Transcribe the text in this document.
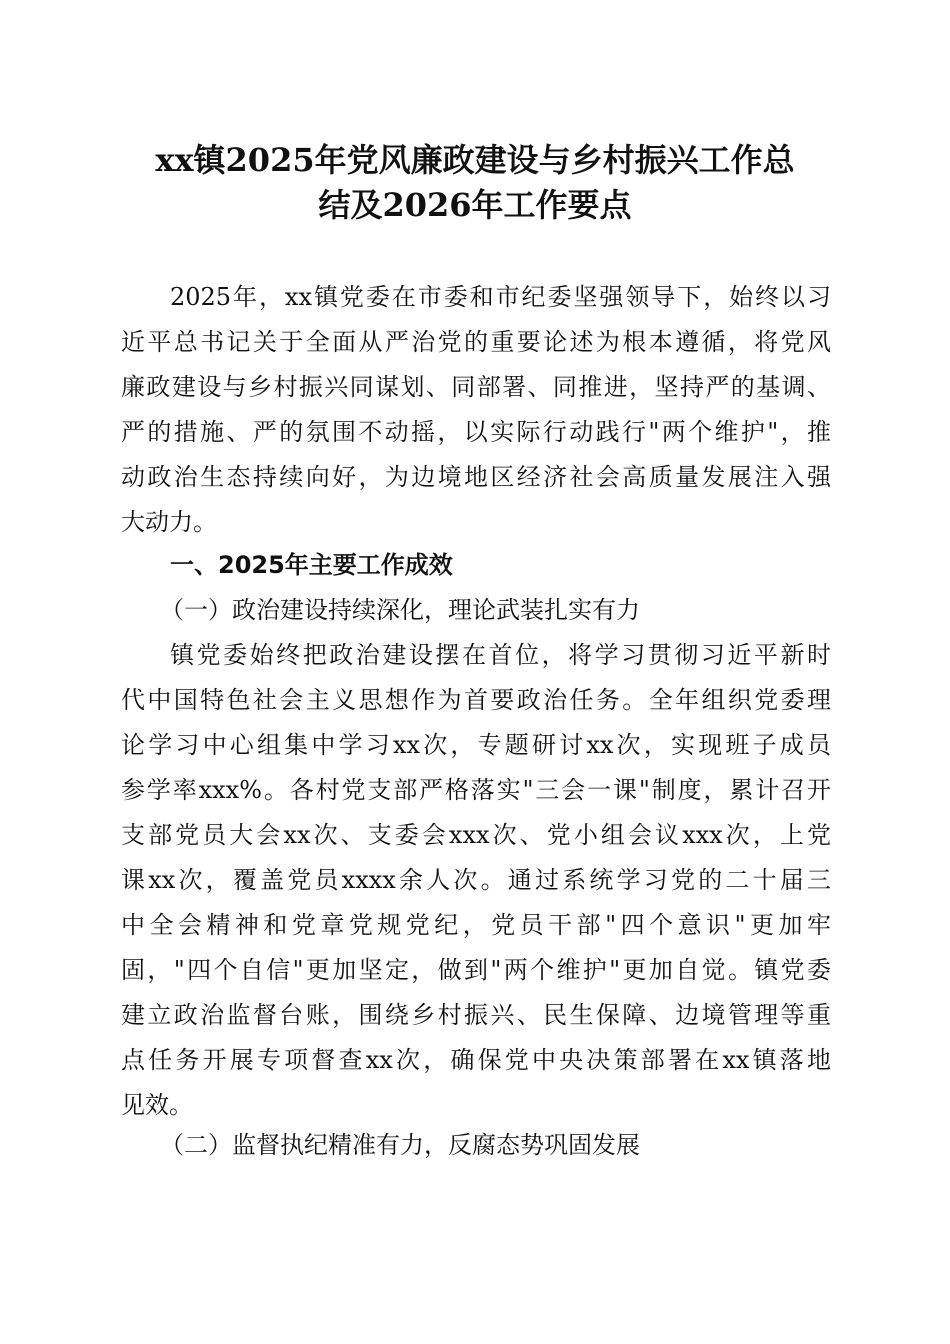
xx镇2025年党风廉政建设与乡村振兴工作总
结及2026年工作要点
2025年，xx镇党委在市委和市纪委坚强领导下，始终以习
近平总书记关于全面从严治党的重要论述为根本遵循，将党风
廉政建设与乡村振兴同谋划、同部署、同推进，坚持严的基调、
严的措施、严的氛围不动摇，以实际行动践行"两个维护"，推
动政治生态持续向好，为边境地区经济社会高质量发展注入强
大动力。
一、2025年主要工作成效
（一）政治建设持续深化，理论武装扎实有力
镇党委始终把政治建设摆在首位，将学习贯彻习近平新时
代中国特色社会主义思想作为首要政治任务。全年组织党委理
论学习中心组集中学习xx次，专题研讨xx次，实现班子成员
参学率xxx%。各村党支部严格落实"三会一课"制度，累计召开
支部党员大会xx次、支委会xxx次、党小组会议xxx次，上党
课xx次，覆盖党员xxxx余人次。通过系统学习党的二十届三
中全会精神和党章党规党纪，党员干部"四个意识"更加牢
固，"四个自信"更加坚定，做到"两个维护"更加自觉。镇党委
建立政治监督台账，围绕乡村振兴、民生保障、边境管理等重
点任务开展专项督查xx次，确保党中央决策部署在xx镇落地
见效。
（二）监督执纪精准有力，反腐态势巩固发展
